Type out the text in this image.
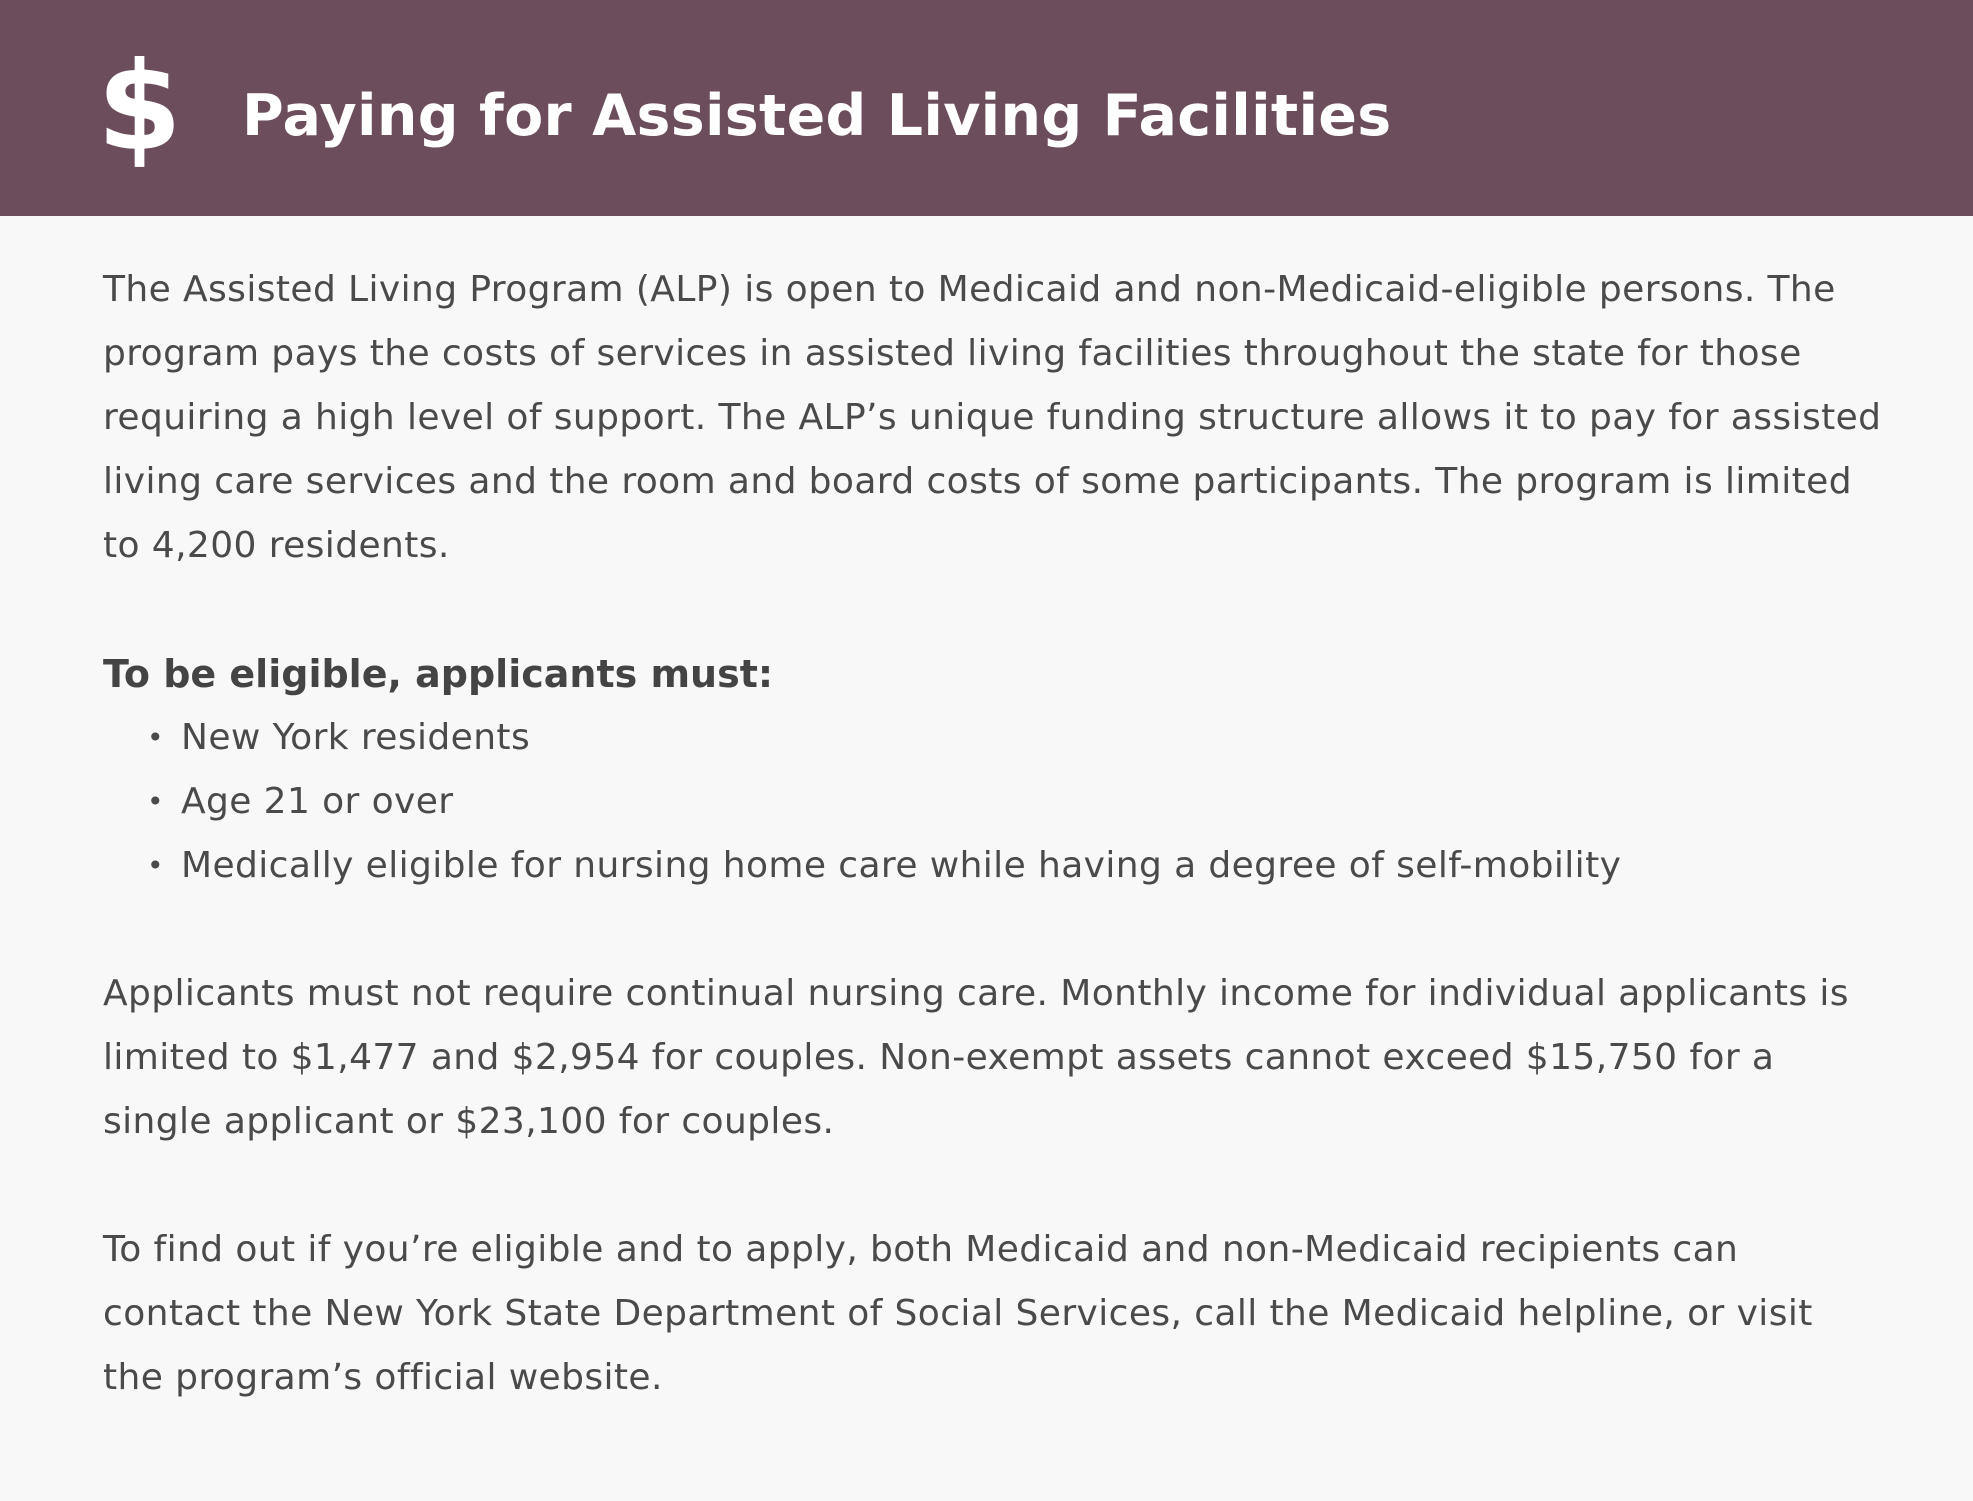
$ Paying for Assisted Living Facilities

The Assisted Living Program (ALP) is open to Medicaid and non-Medicaid-eligible persons. The program pays the costs of services in assisted living facilities throughout the state for those requiring a high level of support. The ALP’s unique funding structure allows it to pay for assisted living care services and the room and board costs of some participants. The program is limited to 4,200 residents.

To be eligible, applicants must:
• New York residents
• Age 21 or over
• Medically eligible for nursing home care while having a degree of self-mobility

Applicants must not require continual nursing care. Monthly income for individual applicants is limited to $1,477 and $2,954 for couples. Non-exempt assets cannot exceed $15,750 for a single applicant or $23,100 for couples.

To find out if you’re eligible and to apply, both Medicaid and non-Medicaid recipients can contact the New York State Department of Social Services, call the Medicaid helpline, or visit the program’s official website.
